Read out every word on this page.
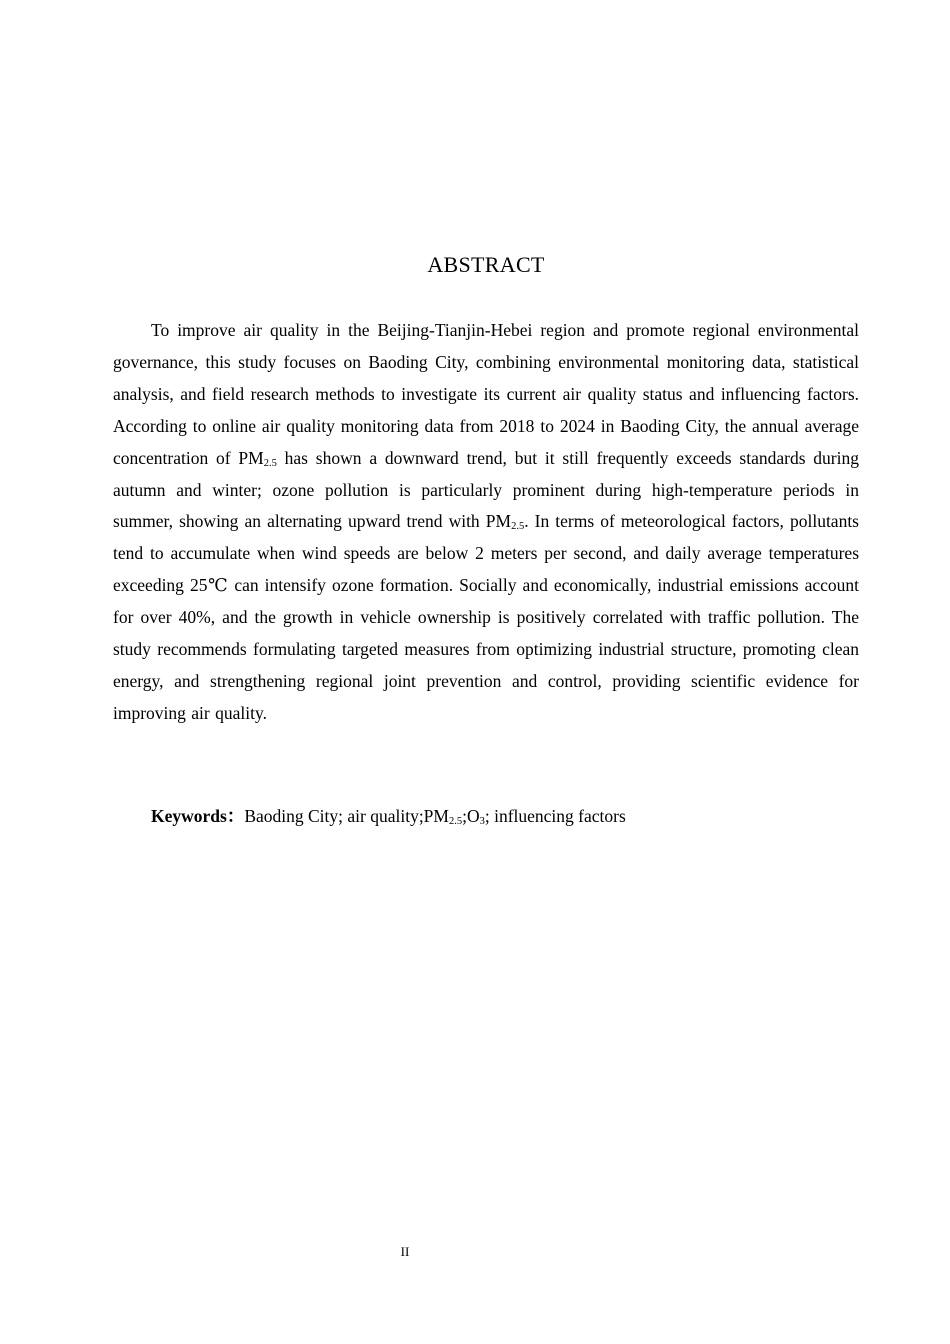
ABSTRACT

To improve air quality in the Beijing-Tianjin-Hebei region and promote regional environmental governance, this study focuses on Baoding City, combining environmental monitoring data, statistical analysis, and field research methods to investigate its current air quality status and influencing factors. According to online air quality monitoring data from 2018 to 2024 in Baoding City, the annual average concentration of $PM_{2.5}$ has shown a downward trend, but it still frequently exceeds standards during autumn and winter; ozone pollution is particularly prominent during high-temperature periods in summer, showing an alternating upward trend with $PM_{2.5}$. In terms of meteorological factors, pollutants tend to accumulate when wind speeds are below 2 meters per second, and daily average temperatures exceeding 25℃ can intensify ozone formation. Socially and economically, industrial emissions account for over 40%, and the growth in vehicle ownership is positively correlated with traffic pollution. The study recommends formulating targeted measures from optimizing industrial structure, promoting clean energy, and strengthening regional joint prevention and control, providing scientific evidence for improving air quality.

Keywords：Baoding City; air $quality;PM_{2.5};O_3$; influencing factors
II
